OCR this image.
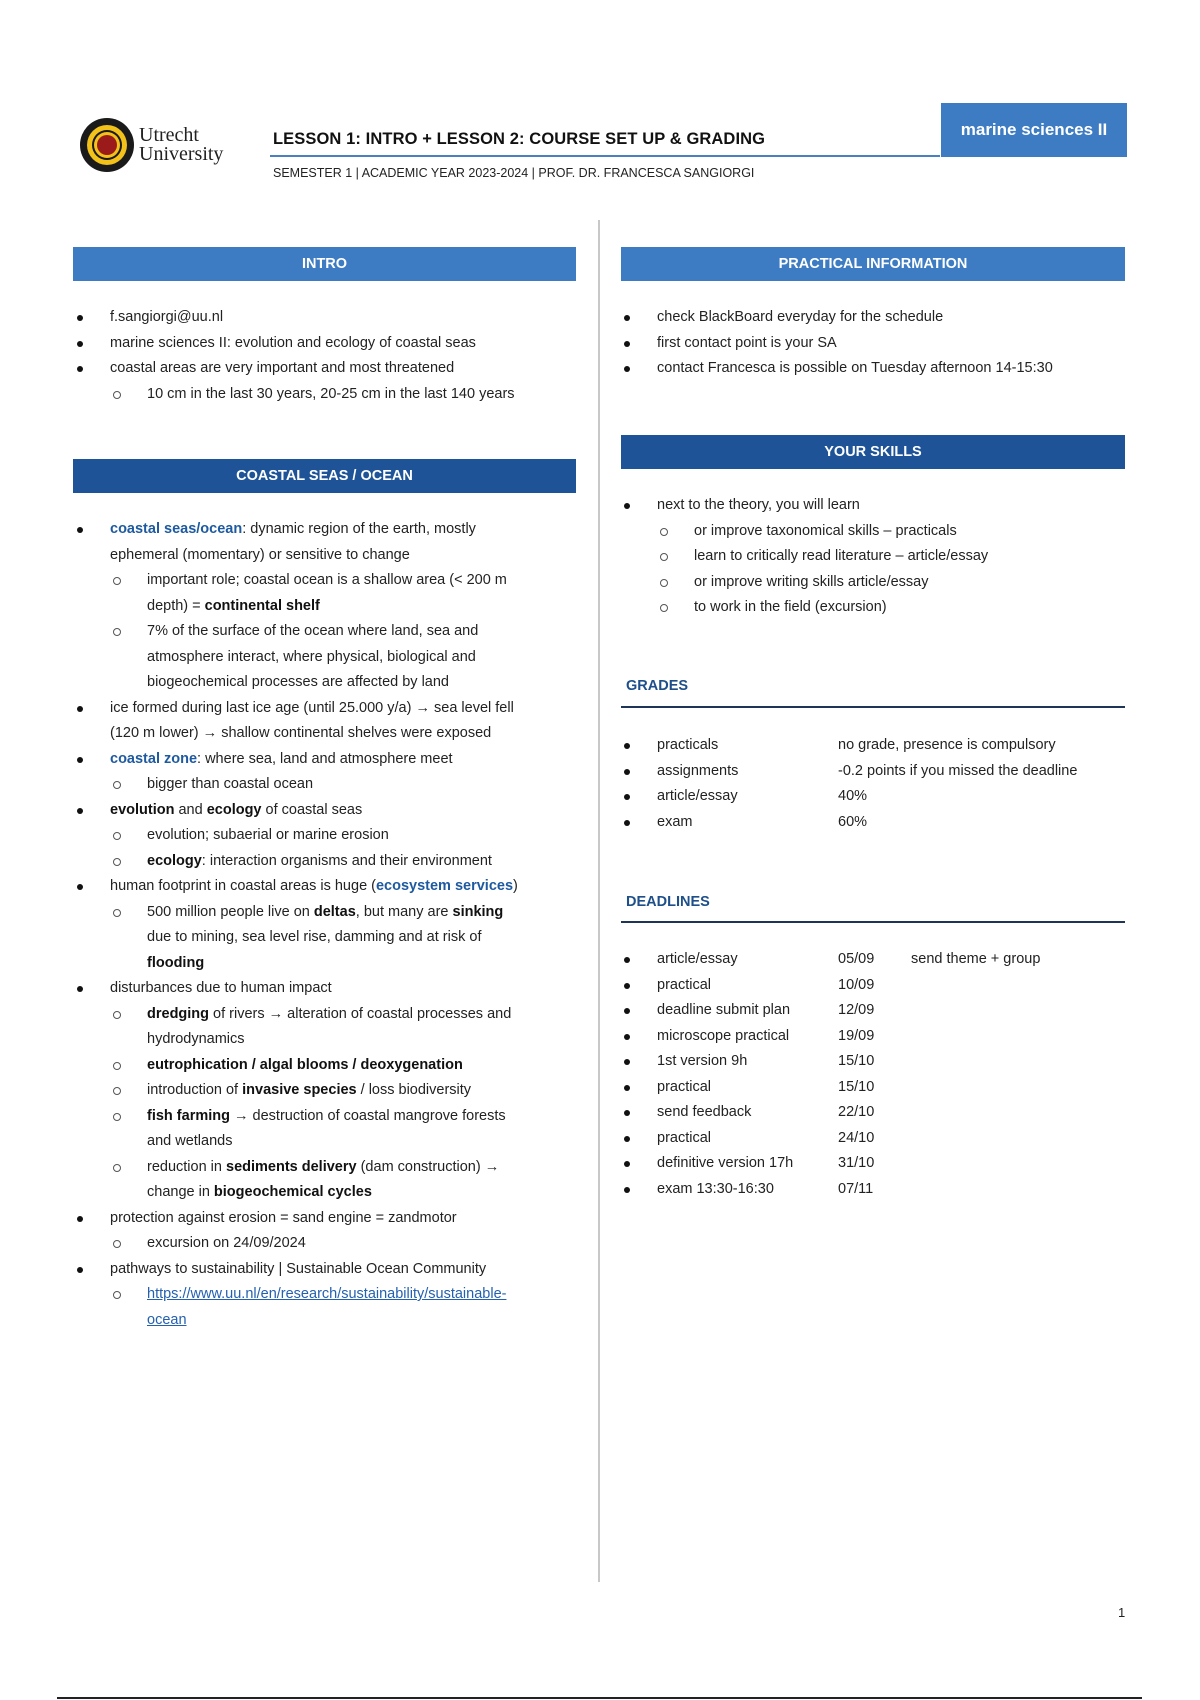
Utrecht
University
LESSON 1: INTRO + LESSON 2: COURSE SET UP & GRADING
SEMESTER 1 | ACADEMIC YEAR 2023-2024 | PROF. DR. FRANCESCA SANGIORGI
marine sciences II
INTRO
f.sangiorgi@uu.nl
marine sciences II: evolution and ecology of coastal seas
coastal areas are very important and most threatened
10 cm in the last 30 years, 20-25 cm in the last 140 years
COASTAL SEAS / OCEAN
coastal seas/ocean: dynamic region of the earth, mostly
ephemeral (momentary) or sensitive to change
important role; coastal ocean is a shallow area (< 200 m
depth) = continental shelf
7% of the surface of the ocean where land, sea and
atmosphere interact, where physical, biological and
biogeochemical processes are affected by land
ice formed during last ice age (until 25.000 y/a) → sea level fell
(120 m lower) → shallow continental shelves were exposed
coastal zone: where sea, land and atmosphere meet
bigger than coastal ocean
evolution and ecology of coastal seas
evolution; subaerial or marine erosion
ecology: interaction organisms and their environment
human footprint in coastal areas is huge (ecosystem services)
500 million people live on deltas, but many are sinking
due to mining, sea level rise, damming and at risk of
flooding
disturbances due to human impact
dredging of rivers → alteration of coastal processes and
hydrodynamics
eutrophication / algal blooms / deoxygenation
introduction of invasive species / loss biodiversity
fish farming → destruction of coastal mangrove forests
and wetlands
reduction in sediments delivery (dam construction) →
change in biogeochemical cycles
protection against erosion = sand engine = zandmotor
excursion on 24/09/2024
pathways to sustainability | Sustainable Ocean Community
https://www.uu.nl/en/research/sustainability/sustainable-
ocean
PRACTICAL INFORMATION
check BlackBoard everyday for the schedule
first contact point is your SA
contact Francesca is possible on Tuesday afternoon 14-15:30
YOUR SKILLS
next to the theory, you will learn
or improve taxonomical skills – practicals
learn to critically read literature – article/essay
or improve writing skills article/essay
to work in the field (excursion)
GRADES
practicals	no grade, presence is compulsory
assignments	-0.2 points if you missed the deadline
article/essay	40%
exam	60%
DEADLINES
article/essay	05/09	send theme + group
practical	10/09
deadline submit plan	12/09
microscope practical	19/09
1st version 9h	15/10
practical	15/10
send feedback	22/10
practical	24/10
definitive version 17h	31/10
exam 13:30-16:30	07/11
1
